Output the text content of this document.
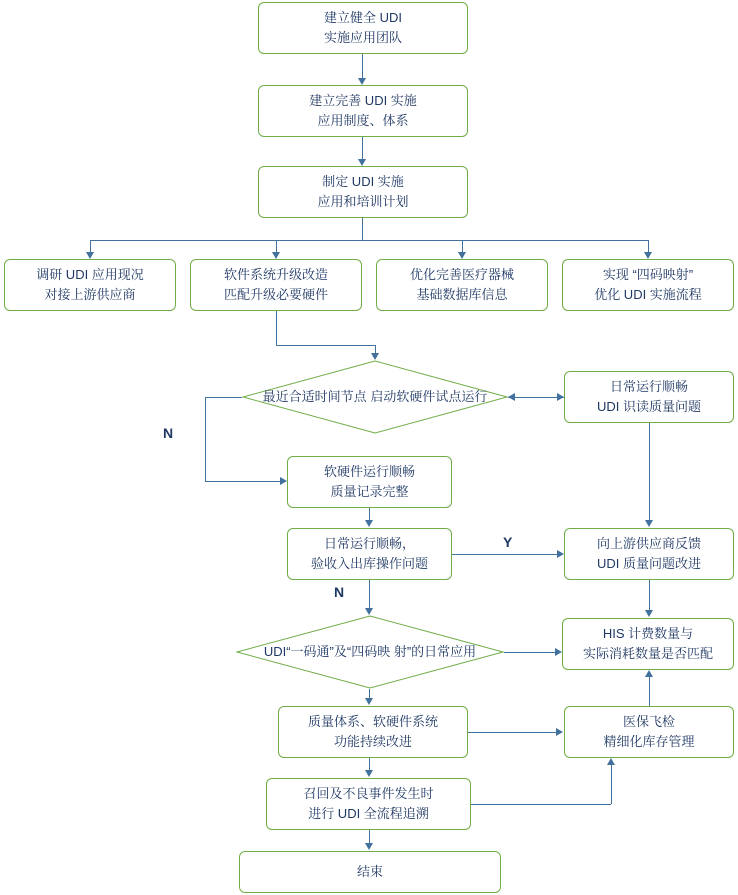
建立健全 UDI
实施应用团队
建立完善 UDI 实施
应用制度、体系
制定 UDI 实施
应用和培训计划
调研 UDI 应用现况
对接上游供应商
软件系统升级改造
匹配升级必要硬件
优化完善医疗器械
基础数据库信息
实现 “四码映射”
优化 UDI 实施流程
最近合适时间节点 启动软硬件试点运行
日常运行顺畅
UDI 识读质量问题
软硬件运行顺畅
质量记录完整
日常运行顺畅，
验收入出库操作问题
向上游供应商反馈
UDI 质量问题改进
UDI“一码通”及“四码映 射”的日常应用
HIS 计费数量与
实际消耗数量是否匹配
质量体系、软硬件系统
功能持续改进
医保飞检
精细化库存管理
召回及不良事件发生时
进行 UDI 全流程追溯
结束
N
Y
N
